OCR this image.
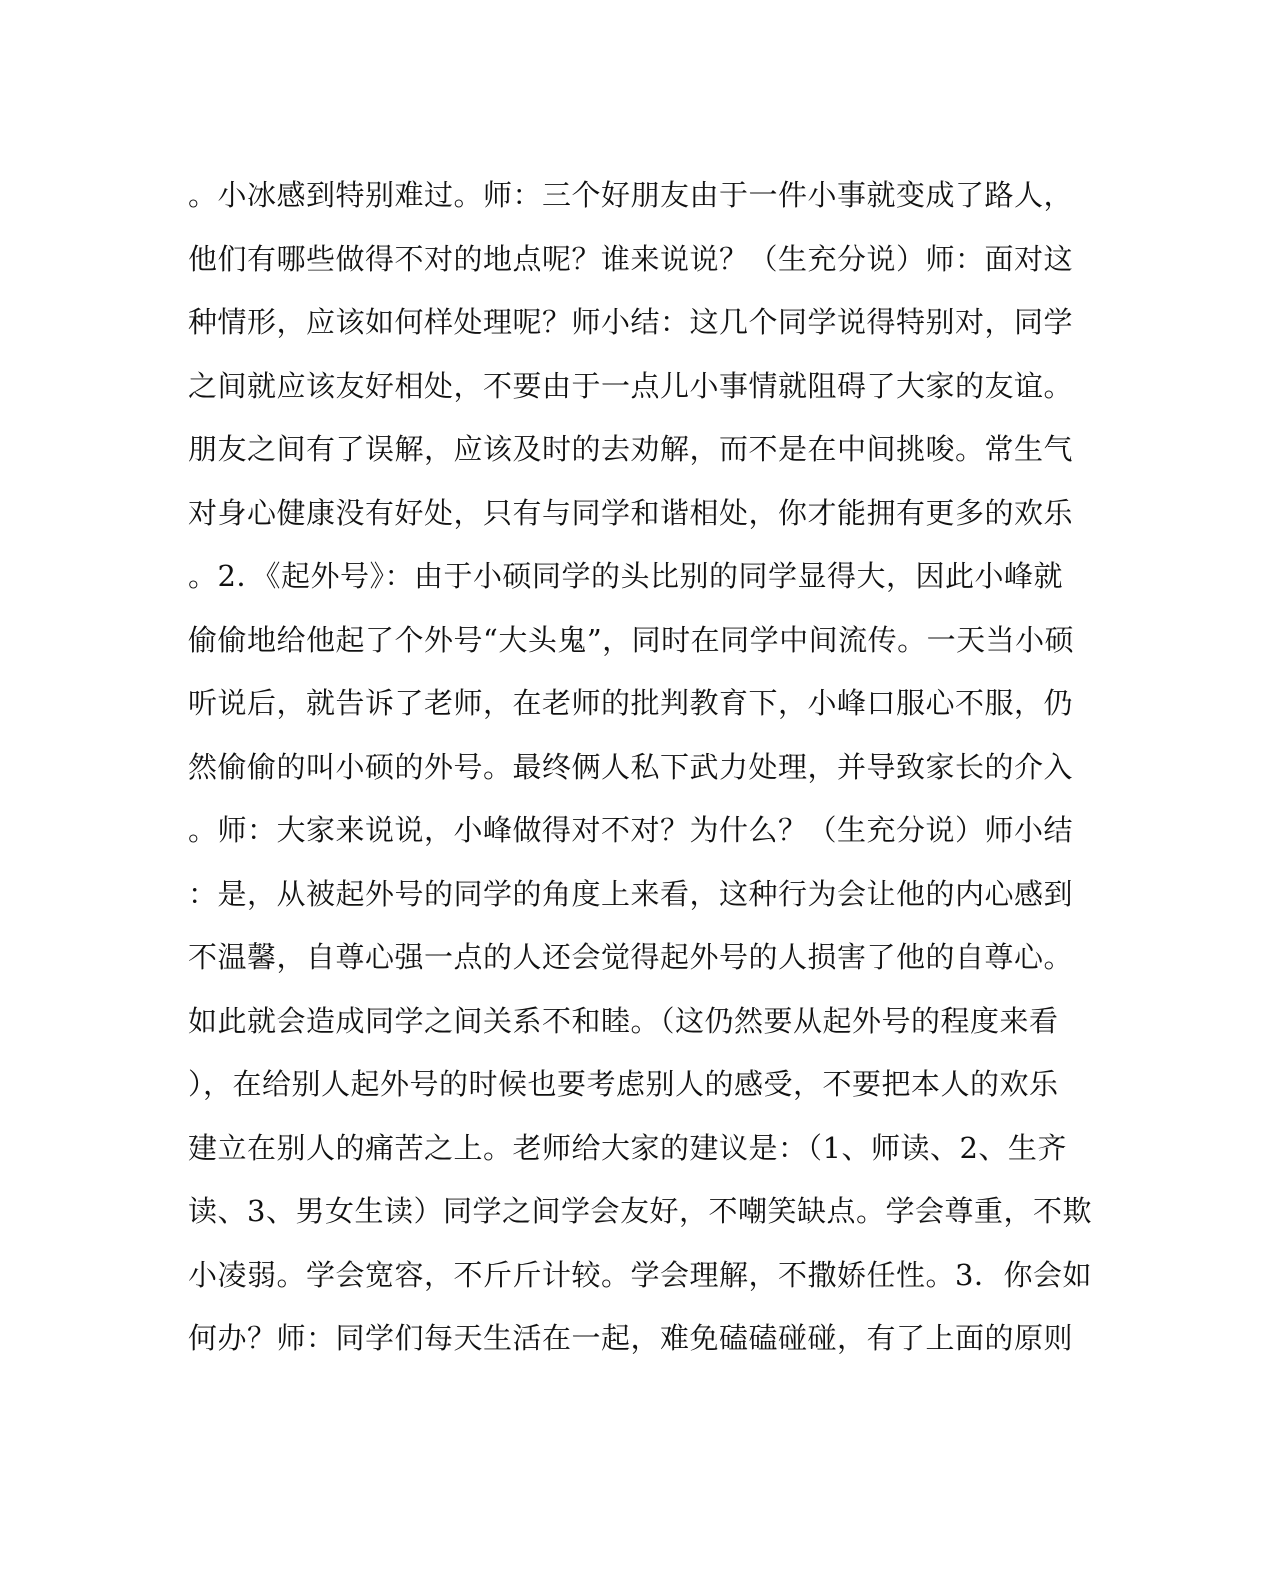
。小冰感到特别难过。师：三个好朋友由于一件小事就变成了路人，
他们有哪些做得不对的地点呢？谁来说说？（生充分说）师：面对这
种情形，应该如何样处理呢？师小结：这几个同学说得特别对，同学
之间就应该友好相处，不要由于一点儿小事情就阻碍了大家的友谊。
朋友之间有了误解，应该及时的去劝解，而不是在中间挑唆。常生气
对身心健康没有好处，只有与同学和谐相处，你才能拥有更多的欢乐
。2．《起外号》：由于小硕同学的头比别的同学显得大，因此小峰就
偷偷地给他起了个外号“大头鬼”，同时在同学中间流传。一天当小硕
听说后，就告诉了老师，在老师的批判教育下，小峰口服心不服，仍
然偷偷的叫小硕的外号。最终俩人私下武力处理，并导致家长的介入
。师：大家来说说，小峰做得对不对？为什么？（生充分说）师小结
：是，从被起外号的同学的角度上来看，这种行为会让他的内心感到
不温馨，自尊心强一点的人还会觉得起外号的人损害了他的自尊心。
如此就会造成同学之间关系不和睦。（这仍然要从起外号的程度来看
），在给别人起外号的时候也要考虑别人的感受，不要把本人的欢乐
建立在别人的痛苦之上。老师给大家的建议是：（1、师读、2、生齐
读、3、男女生读）同学之间学会友好，不嘲笑缺点。学会尊重，不欺
小凌弱。学会宽容，不斤斤计较。学会理解，不撒娇任性。3．你会如
何办？师：同学们每天生活在一起，难免磕磕碰碰，有了上面的原则
